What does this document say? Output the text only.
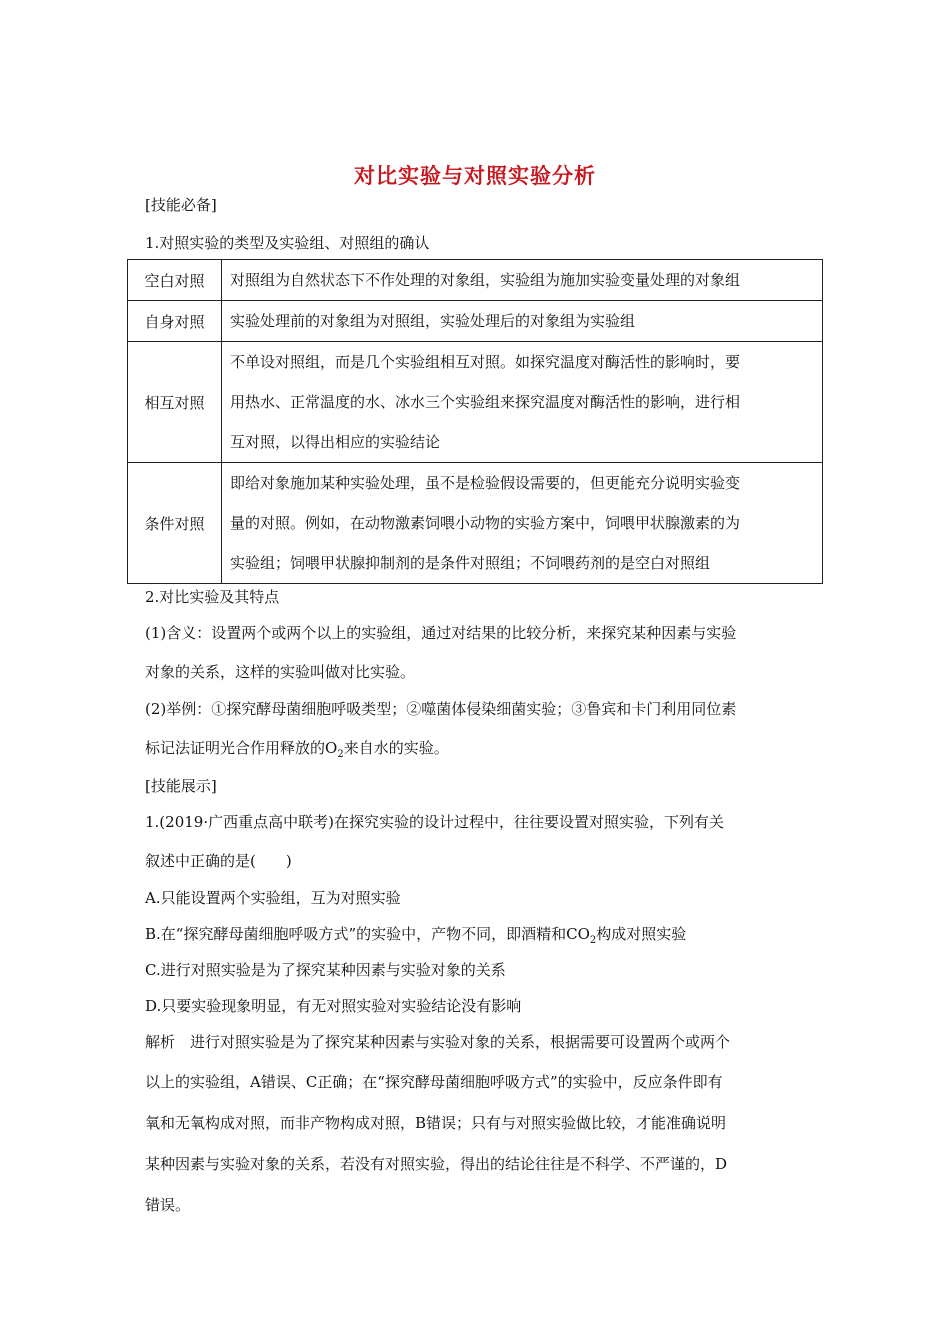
对比实验与对照实验分析
[技能必备]
1.对照实验的类型及实验组、对照组的确认
空白对照	对照组为自然状态下不作处理的对象组，实验组为施加实验变量处理的对象组

自身对照	实验处理前的对象组为对照组，实验处理后的对象组为实验组

相互对照	不单设对照组，而是几个实验组相互对照。如探究温度对酶活性的影响时，要
用热水、正常温度的水、冰水三个实验组来探究温度对酶活性的影响，进行相
互对照，以得出相应的实验结论

条件对照	即给对象施加某种实验处理，虽不是检验假设需要的，但更能充分说明实验变
量的对照。例如，在动物激素饲喂小动物的实验方案中，饲喂甲状腺激素的为
实验组；饲喂甲状腺抑制剂的是条件对照组；不饲喂药剂的是空白对照组
2.对比实验及其特点
(1)含义：设置两个或两个以上的实验组，通过对结果的比较分析，来探究某种因素与实验
对象的关系，这样的实验叫做对比实验。
(2)举例：①探究酵母菌细胞呼吸类型；②噬菌体侵染细菌实验；③鲁宾和卡门利用同位素
标记法证明光合作用释放的$O_2$来自水的实验。
[技能展示]
1.(2019·广西重点高中联考)在探究实验的设计过程中，往往要设置对照实验，下列有关
叙述中正确的是(　　)
A.只能设置两个实验组，互为对照实验
B.在“探究酵母菌细胞呼吸方式”的实验中，产物不同，即酒精和$CO_2$构成对照实验
C.进行对照实验是为了探究某种因素与实验对象的关系
D.只要实验现象明显，有无对照实验对实验结论没有影响
解析　进行对照实验是为了探究某种因素与实验对象的关系，根据需要可设置两个或两个
以上的实验组，A错误、C正确；在“探究酵母菌细胞呼吸方式”的实验中，反应条件即有
氧和无氧构成对照，而非产物构成对照，B错误；只有与对照实验做比较，才能准确说明
某种因素与实验对象的关系，若没有对照实验，得出的结论往往是不科学、不严谨的，D
错误。
